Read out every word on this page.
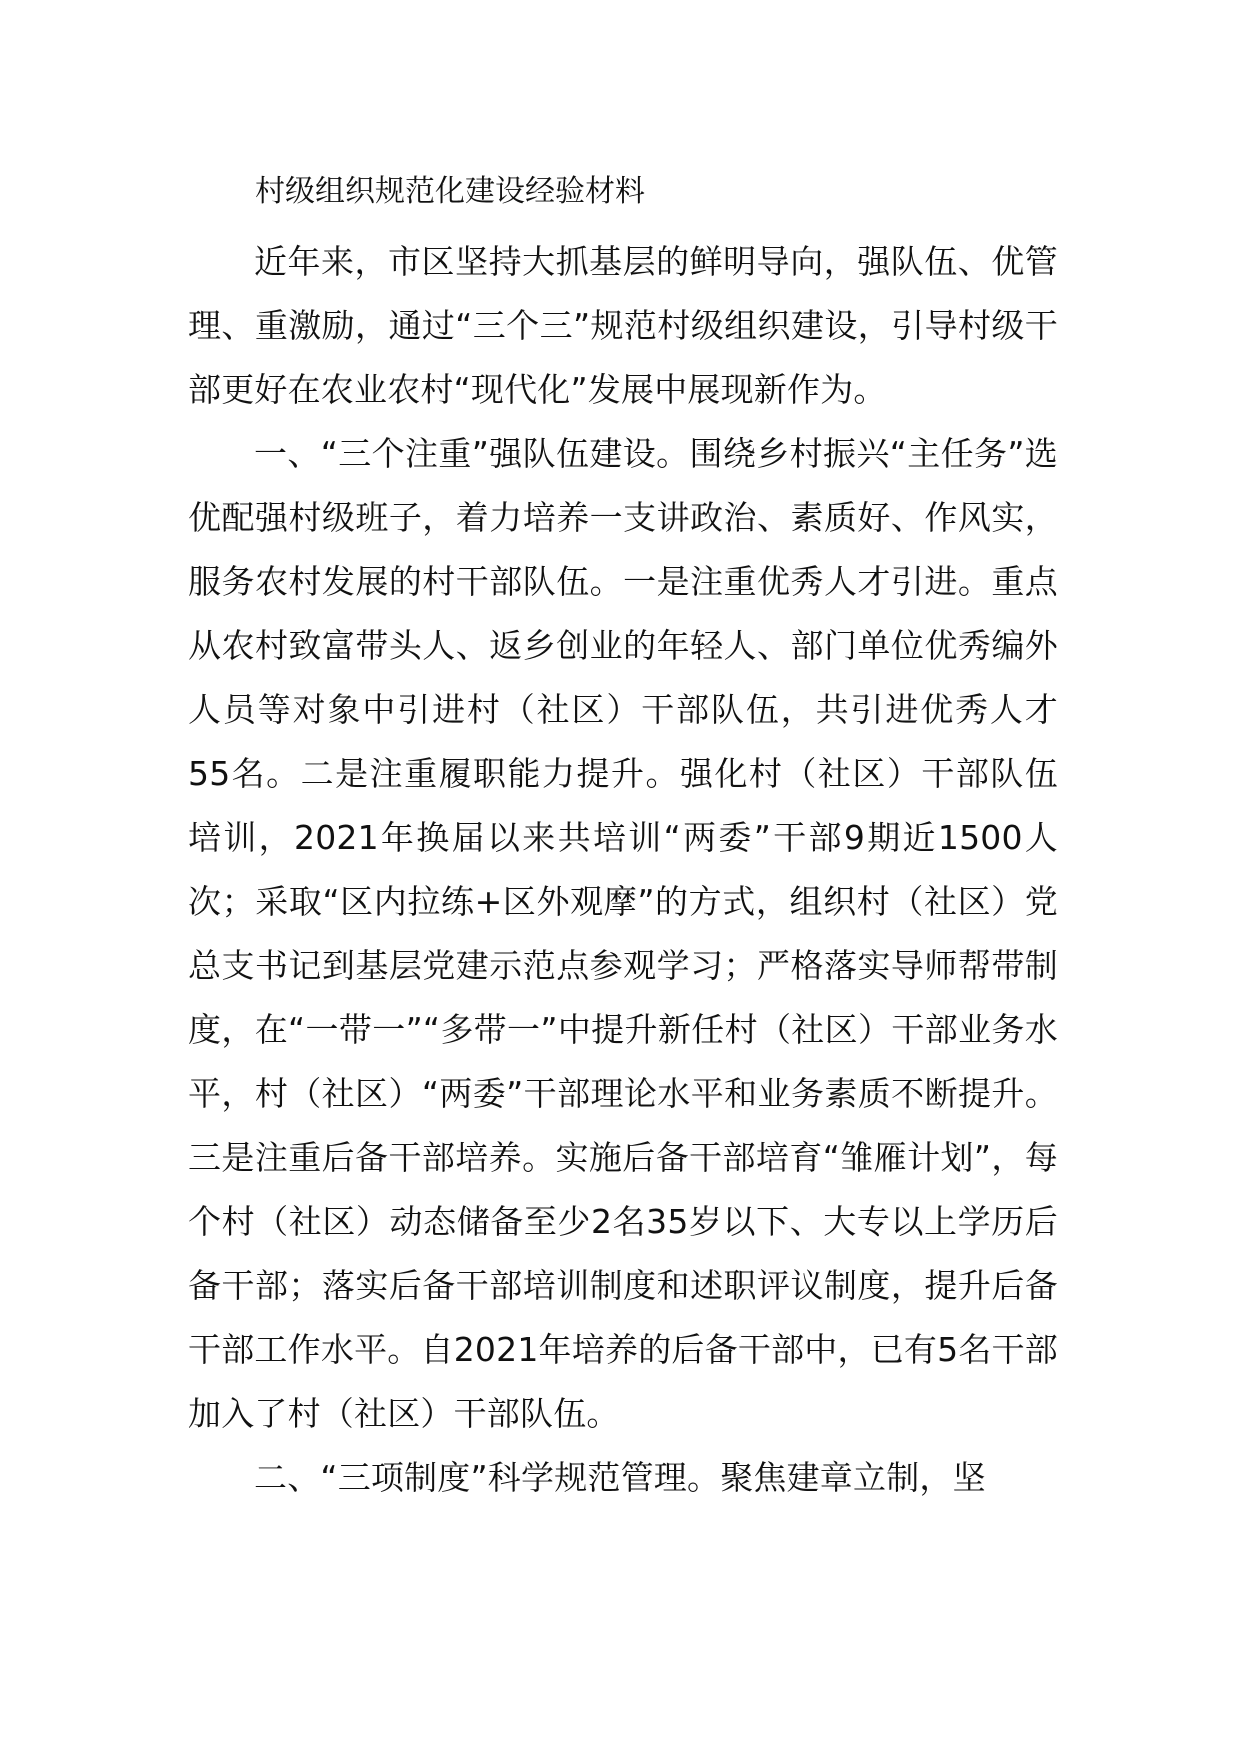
村级组织规范化建设经验材料

近年来，市区坚持大抓基层的鲜明导向，强队伍、优管理、重激励，通过“三个三”规范村级组织建设，引导村级干部更好在农业农村“现代化”发展中展现新作为。

一、“三个注重”强队伍建设。围绕乡村振兴“主任务”选优配强村级班子，着力培养一支讲政治、素质好、作风实，服务农村发展的村干部队伍。一是注重优秀人才引进。重点从农村致富带头人、返乡创业的年轻人、部门单位优秀编外人员等对象中引进村（社区）干部队伍，共引进优秀人才55名。二是注重履职能力提升。强化村（社区）干部队伍培训，2021年换届以来共培训“两委”干部9期近1500人次；采取“区内拉练+区外观摩”的方式，组织村（社区）党总支书记到基层党建示范点参观学习；严格落实导师帮带制度，在“一带一”“多带一”中提升新任村（社区）干部业务水平，村（社区）“两委”干部理论水平和业务素质不断提升。三是注重后备干部培养。实施后备干部培育“雏雁计划”，每个村（社区）动态储备至少2名35岁以下、大专以上学历后备干部；落实后备干部培训制度和述职评议制度，提升后备干部工作水平。自2021年培养的后备干部中，已有5名干部加入了村（社区）干部队伍。

二、“三项制度”科学规范管理。聚焦建章立制，坚
